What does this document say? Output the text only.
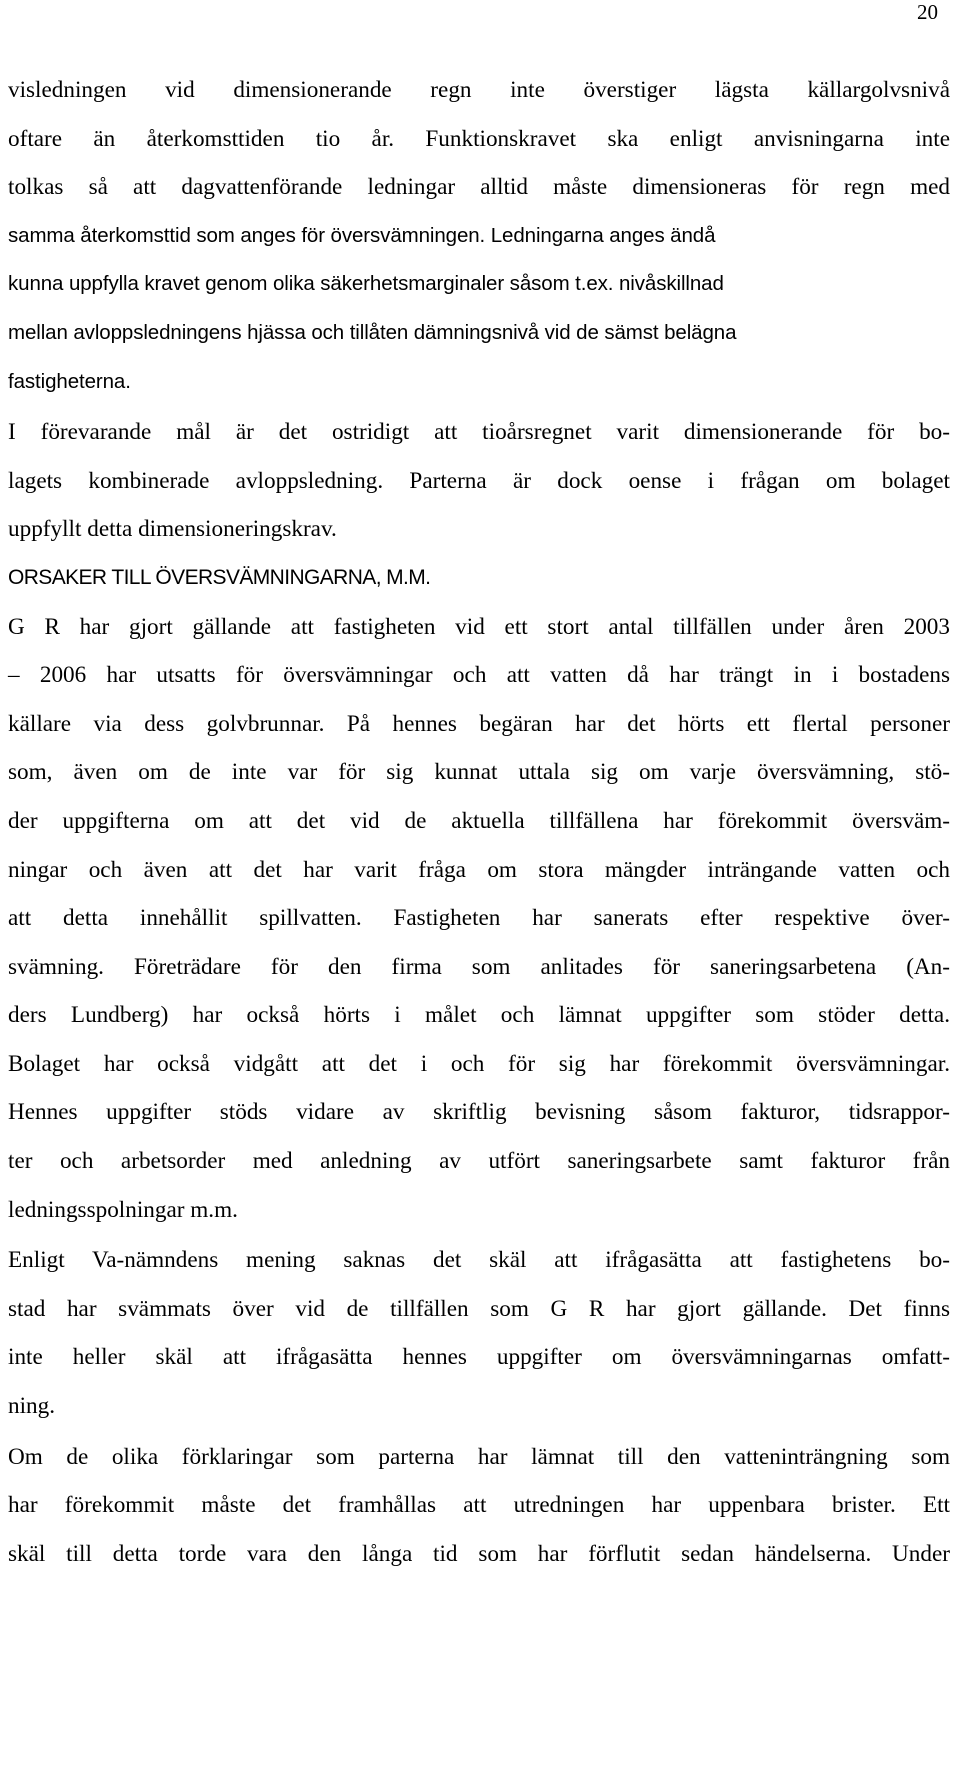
20
visledningen vid dimensionerande regn inte överstiger lägsta källargolvsnivå
oftare än återkomsttiden tio år. Funktionskravet ska enligt anvisningarna inte
tolkas så att dagvattenförande ledningar alltid måste dimensioneras för regn med
samma återkomsttid som anges för översvämningen. Ledningarna anges ändå
kunna uppfylla kravet genom olika säkerhetsmarginaler såsom t.ex. nivåskillnad
mellan avloppsledningens hjässa och tillåten dämningsnivå vid de sämst belägna
fastigheterna.
I förevarande mål är det ostridigt att tioårsregnet varit dimensionerande för bo-
lagets kombinerade avloppsledning. Parterna är dock oense i frågan om bolaget
uppfyllt detta dimensioneringskrav.
ORSAKER TILL ÖVERSVÄMNINGARNA, M.M.
G R har gjort gällande att fastigheten vid ett stort antal tillfällen under åren 2003
– 2006 har utsatts för översvämningar och att vatten då har trängt in i bostadens
källare via dess golvbrunnar. På hennes begäran har det hörts ett flertal personer
som, även om de inte var för sig kunnat uttala sig om varje översvämning, stö-
der uppgifterna om att det vid de aktuella tillfällena har förekommit översväm-
ningar och även att det har varit fråga om stora mängder inträngande vatten och
att detta innehållit spillvatten. Fastigheten har sanerats efter respektive över-
svämning. Företrädare för den firma som anlitades för saneringsarbetena (An-
ders Lundberg) har också hörts i målet och lämnat uppgifter som stöder detta.
Bolaget har också vidgått att det i och för sig har förekommit översvämningar.
Hennes uppgifter stöds vidare av skriftlig bevisning såsom fakturor, tidsrappor-
ter och arbetsorder med anledning av utfört saneringsarbete samt fakturor från
ledningsspolningar m.m.
Enligt Va-nämndens mening saknas det skäl att ifrågasätta att fastighetens bo-
stad har svämmats över vid de tillfällen som G R har gjort gällande. Det finns
inte heller skäl att ifrågasätta hennes uppgifter om översvämningarnas omfatt-
ning.
Om de olika förklaringar som parterna har lämnat till den vatteninträngning som
har förekommit måste det framhållas att utredningen har uppenbara brister. Ett
skäl till detta torde vara den långa tid som har förflutit sedan händelserna. Under
